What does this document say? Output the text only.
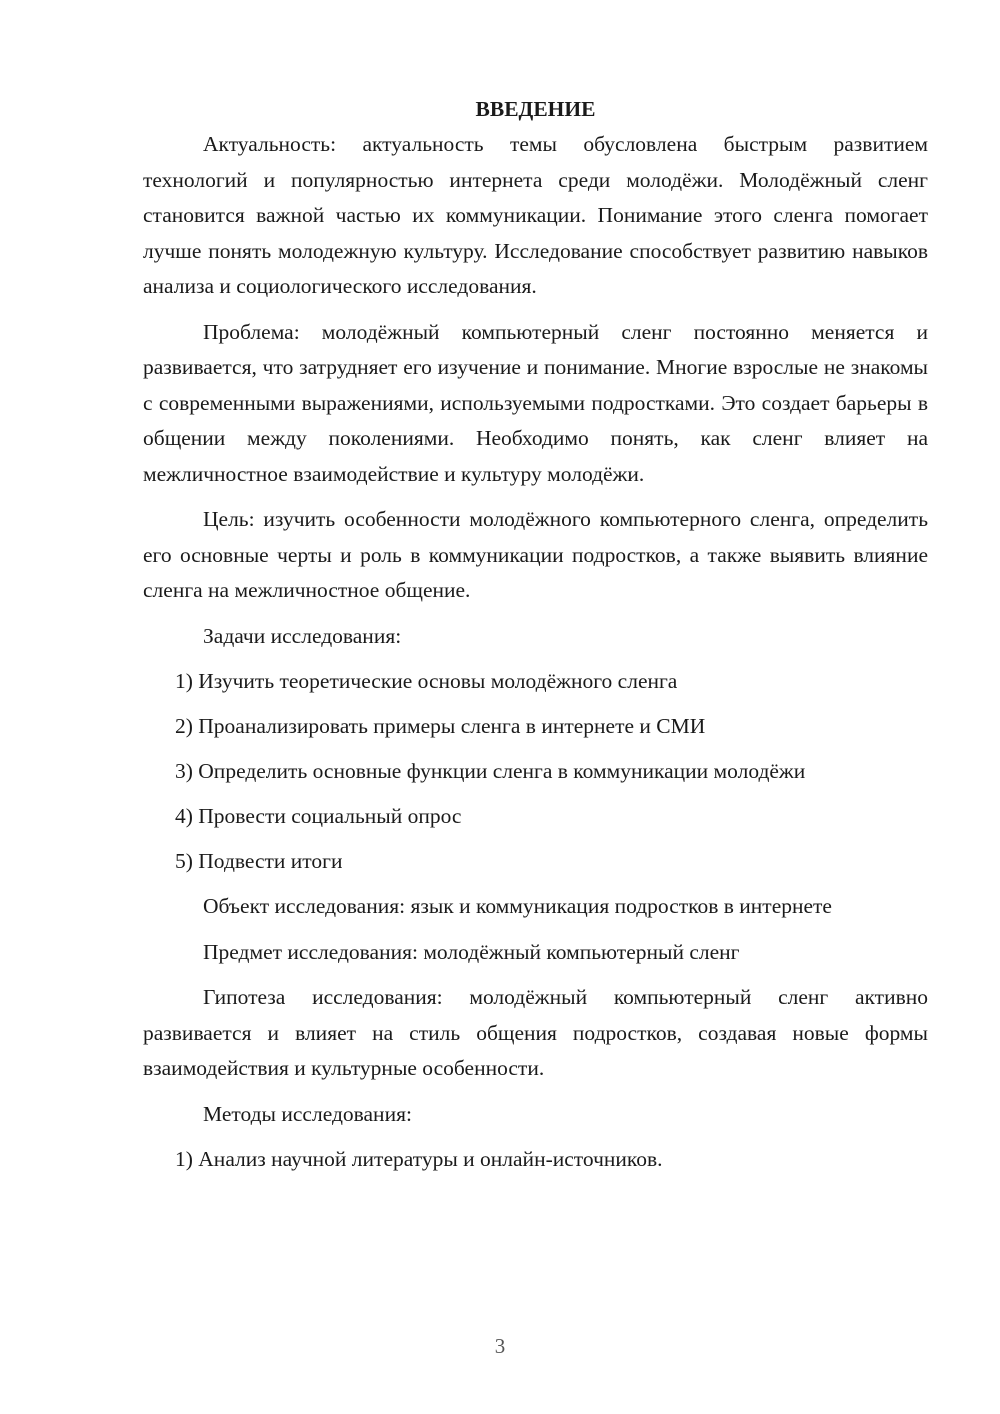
ВВЕДЕНИЕ

Актуальность: актуальность темы обусловлена быстрым развитием технологий и популярностью интернета среди молодёжи. Молодёжный сленг становится важной частью их коммуникации. Понимание этого сленга помогает лучше понять молодежную культуру. Исследование способствует развитию навыков анализа и социологического исследования.

Проблема: молодёжный компьютерный сленг постоянно меняется и развивается, что затрудняет его изучение и понимание. Многие взрослые не знакомы с современными выражениями, используемыми подростками. Это создает барьеры в общении между поколениями. Необходимо понять, как сленг влияет на межличностное взаимодействие и культуру молодёжи.

Цель: изучить особенности молодёжного компьютерного сленга, определить его основные черты и роль в коммуникации подростков, а также выявить влияние сленга на межличностное общение.

Задачи исследования:

1) Изучить теоретические основы молодёжного сленга

2) Проанализировать примеры сленга в интернете и СМИ

3) Определить основные функции сленга в коммуникации молодёжи

4) Провести социальный опрос

5) Подвести итоги

Объект исследования: язык и коммуникация подростков в интернете

Предмет исследования: молодёжный компьютерный сленг

Гипотеза исследования: молодёжный компьютерный сленг активно развивается и влияет на стиль общения подростков, создавая новые формы взаимодействия и культурные особенности.

Методы исследования:

1) Анализ научной литературы и онлайн-источников.

3
